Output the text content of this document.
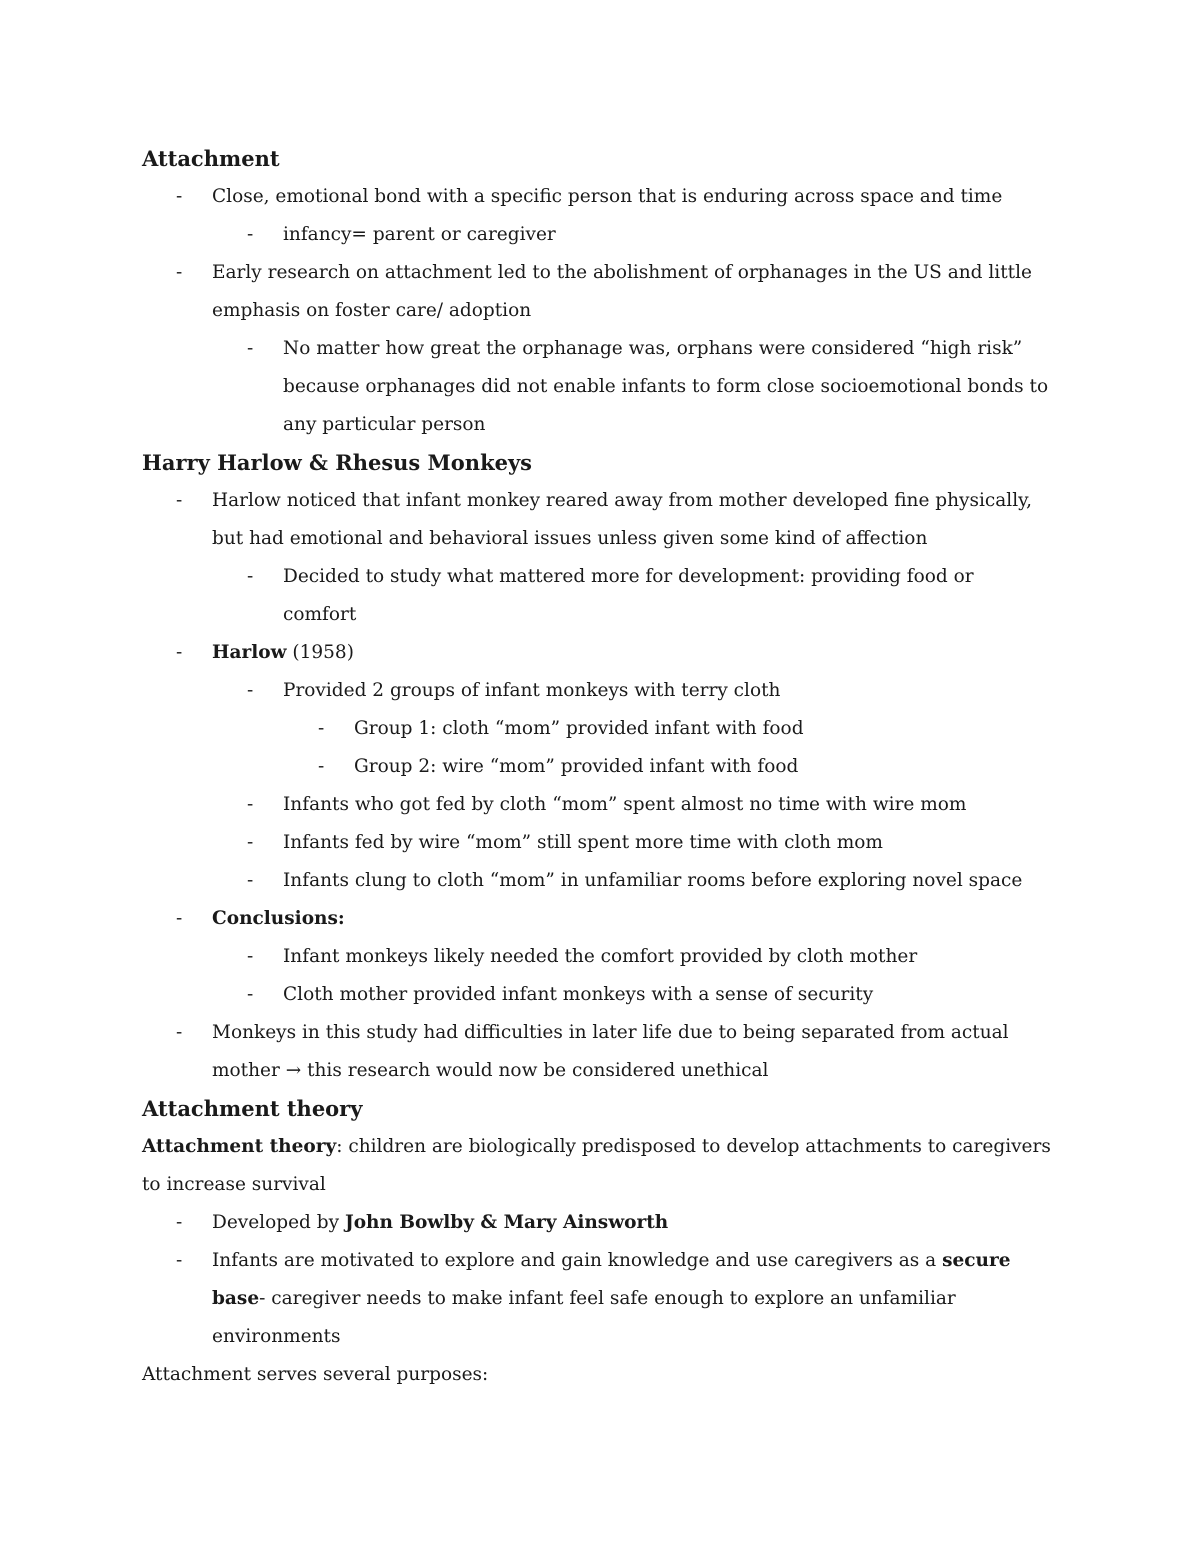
Attachment
- Close, emotional bond with a specific person that is enduring across space and time
- infancy= parent or caregiver
- Early research on attachment led to the abolishment of orphanages in the US and little
emphasis on foster care/ adoption
- No matter how great the orphanage was, orphans were considered “high risk”
because orphanages did not enable infants to form close socioemotional bonds to
any particular person
Harry Harlow & Rhesus Monkeys
- Harlow noticed that infant monkey reared away from mother developed fine physically,
but had emotional and behavioral issues unless given some kind of affection
- Decided to study what mattered more for development: providing food or
comfort
- Harlow (1958)
- Provided 2 groups of infant monkeys with terry cloth
- Group 1: cloth “mom” provided infant with food
- Group 2: wire “mom” provided infant with food
- Infants who got fed by cloth “mom” spent almost no time with wire mom
- Infants fed by wire “mom” still spent more time with cloth mom
- Infants clung to cloth “mom” in unfamiliar rooms before exploring novel space
- Conclusions:
- Infant monkeys likely needed the comfort provided by cloth mother
- Cloth mother provided infant monkeys with a sense of security
- Monkeys in this study had difficulties in later life due to being separated from actual
mother → this research would now be considered unethical
Attachment theory
Attachment theory: children are biologically predisposed to develop attachments to caregivers
to increase survival
- Developed by John Bowlby & Mary Ainsworth
- Infants are motivated to explore and gain knowledge and use caregivers as a secure
base- caregiver needs to make infant feel safe enough to explore an unfamiliar
environments
Attachment serves several purposes:
